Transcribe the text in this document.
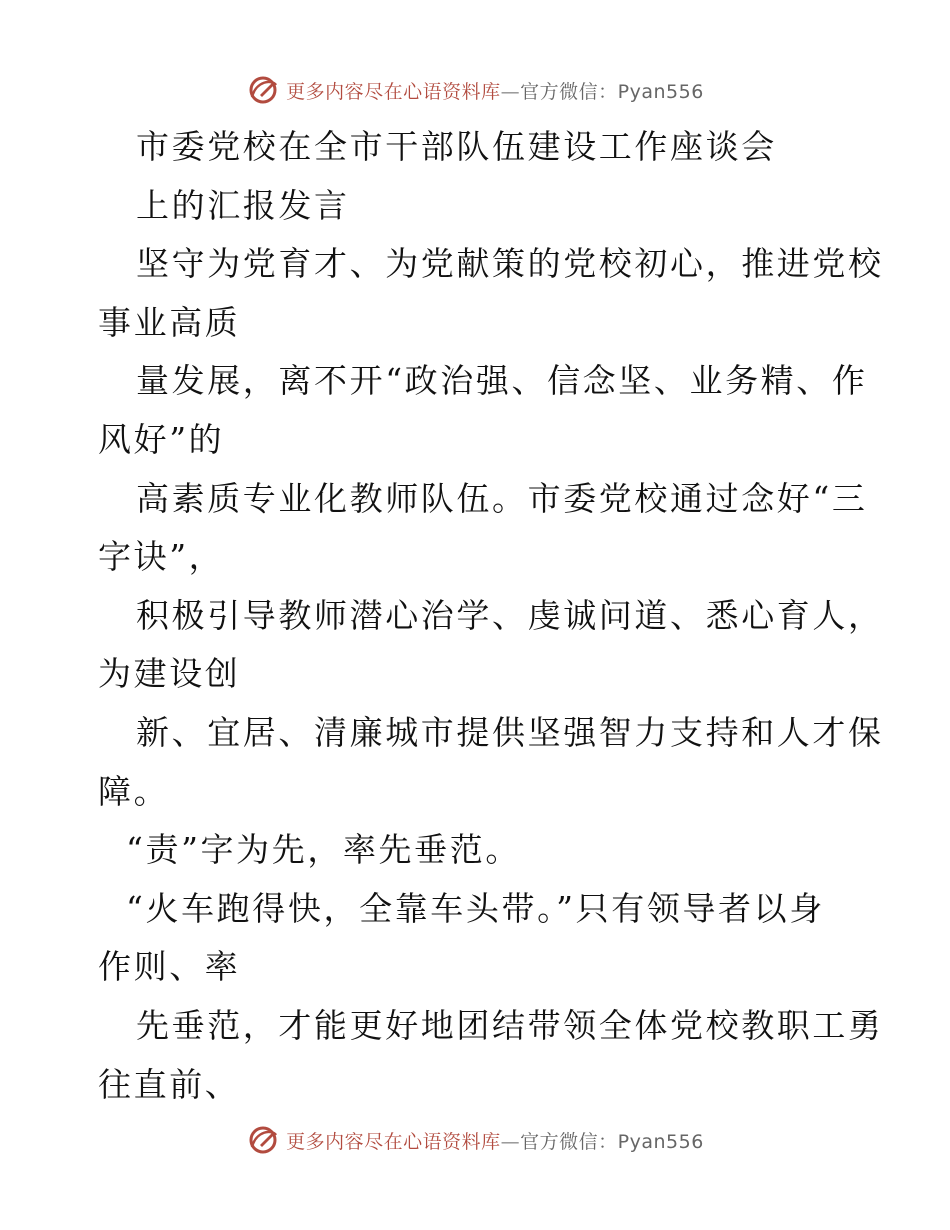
更多内容尽在心语资料库—官方微信：Pyan556
市委党校在全市干部队伍建设工作座谈会
上的汇报发言
坚守为党育才、为党献策的党校初心，推进党校
事业高质
量发展，离不开“政治强、信念坚、业务精、作
风好”的
高素质专业化教师队伍。市委党校通过念好“三
字诀”，
积极引导教师潜心治学、虔诚问道、悉心育人，
为建设创
新、宜居、清廉城市提供坚强智力支持和人才保
障。
“责”字为先，率先垂范。
“火车跑得快，全靠车头带。”只有领导者以身
作则、率
先垂范，才能更好地团结带领全体党校教职工勇
往直前、
更多内容尽在心语资料库—官方微信：Pyan556
